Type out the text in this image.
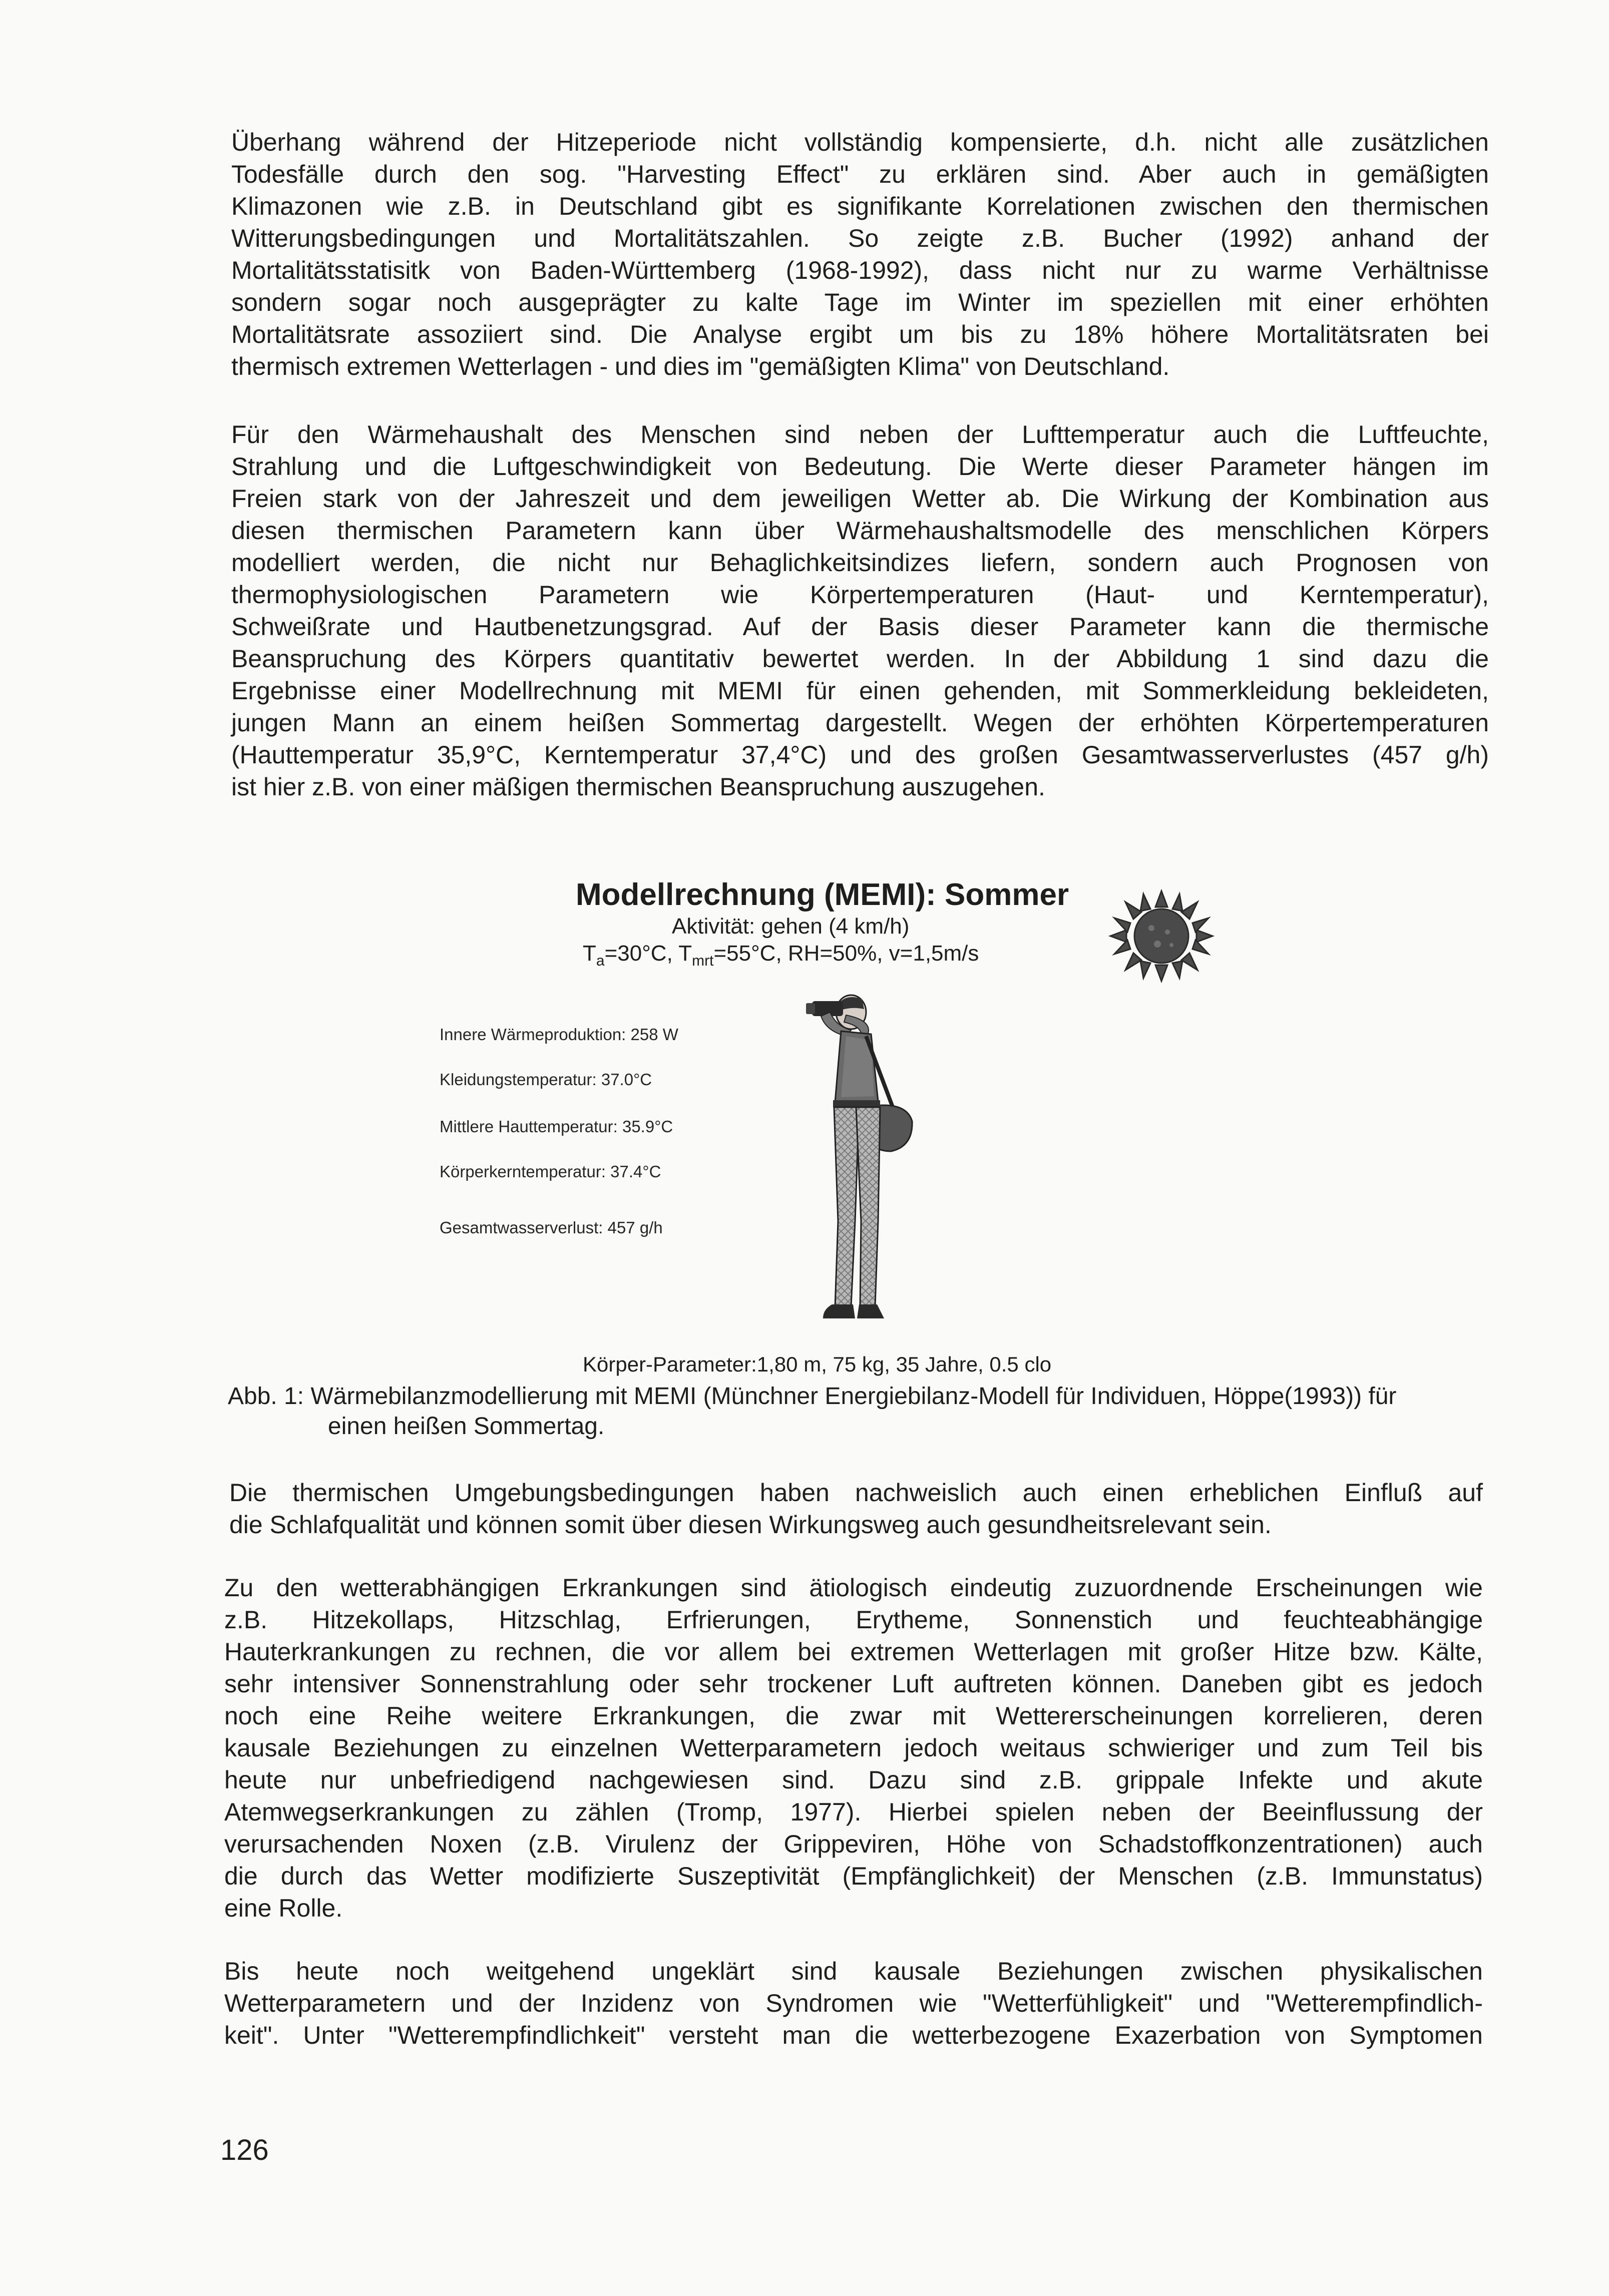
Überhang während der Hitzeperiode nicht vollständig kompensierte, d.h. nicht alle zusätzlichen
Todesfälle durch den sog. "Harvesting Effect" zu erklären sind. Aber auch in gemäßigten
Klimazonen wie z.B. in Deutschland gibt es signifikante Korrelationen zwischen den thermischen
Witterungsbedingungen und Mortalitätszahlen. So zeigte z.B. Bucher (1992) anhand der
Mortalitätsstatisitk von Baden-Württemberg (1968-1992), dass nicht nur zu warme Verhältnisse
sondern sogar noch ausgeprägter zu kalte Tage im Winter im speziellen mit einer erhöhten
Mortalitätsrate assoziiert sind. Die Analyse ergibt um bis zu 18% höhere Mortalitätsraten bei
thermisch extremen Wetterlagen - und dies im "gemäßigten Klima" von Deutschland.

Für den Wärmehaushalt des Menschen sind neben der Lufttemperatur auch die Luftfeuchte,
Strahlung und die Luftgeschwindigkeit von Bedeutung. Die Werte dieser Parameter hängen im
Freien stark von der Jahreszeit und dem jeweiligen Wetter ab. Die Wirkung der Kombination aus
diesen thermischen Parametern kann über Wärmehaushaltsmodelle des menschlichen Körpers
modelliert werden, die nicht nur Behaglichkeitsindizes liefern, sondern auch Prognosen von
thermophysiologischen Parametern wie Körpertemperaturen (Haut- und Kerntemperatur),
Schweißrate und Hautbenetzungsgrad. Auf der Basis dieser Parameter kann die thermische
Beanspruchung des Körpers quantitativ bewertet werden. In der Abbildung 1 sind dazu die
Ergebnisse einer Modellrechnung mit MEMI für einen gehenden, mit Sommerkleidung bekleideten,
jungen Mann an einem heißen Sommertag dargestellt. Wegen der erhöhten Körpertemperaturen
(Hauttemperatur 35,9°C, Kerntemperatur 37,4°C) und des großen Gesamtwasserverlustes (457 g/h)
ist hier z.B. von einer mäßigen thermischen Beanspruchung auszugehen.

Modellrechnung (MEMI): Sommer
Aktivität: gehen (4 km/h)
$T_a=30^\circ C$, $T_{mrt}=55^\circ C$, RH=50%, v=1,5m/s
Innere Wärmeproduktion: 258 W
Kleidungstemperatur: 37.0°C
Mittlere Hauttemperatur: 35.9°C
Körperkerntemperatur: 37.4°C
Gesamtwasserverlust: 457 g/h
Körper-Parameter:1,80 m, 75 kg, 35 Jahre, 0.5 clo
Abb. 1: Wärmebilanzmodellierung mit MEMI (Münchner Energiebilanz-Modell für Individuen, Höppe(1993)) für
einen heißen Sommertag.

Die thermischen Umgebungsbedingungen haben nachweislich auch einen erheblichen Einfluß auf
die Schlafqualität und können somit über diesen Wirkungsweg auch gesundheitsrelevant sein.

Zu den wetterabhängigen Erkrankungen sind ätiologisch eindeutig zuzuordnende Erscheinungen wie
z.B. Hitzekollaps, Hitzschlag, Erfrierungen, Erytheme, Sonnenstich und feuchteabhängige
Hauterkrankungen zu rechnen, die vor allem bei extremen Wetterlagen mit großer Hitze bzw. Kälte,
sehr intensiver Sonnenstrahlung oder sehr trockener Luft auftreten können. Daneben gibt es jedoch
noch eine Reihe weitere Erkrankungen, die zwar mit Wettererscheinungen korrelieren, deren
kausale Beziehungen zu einzelnen Wetterparametern jedoch weitaus schwieriger und zum Teil bis
heute nur unbefriedigend nachgewiesen sind. Dazu sind z.B. grippale Infekte und akute
Atemwegserkrankungen zu zählen (Tromp, 1977). Hierbei spielen neben der Beeinflussung der
verursachenden Noxen (z.B. Virulenz der Grippeviren, Höhe von Schadstoffkonzentrationen) auch
die durch das Wetter modifizierte Suszeptivität (Empfänglichkeit) der Menschen (z.B. Immunstatus)
eine Rolle.

Bis heute noch weitgehend ungeklärt sind kausale Beziehungen zwischen physikalischen
Wetterparametern und der Inzidenz von Syndromen wie "Wetterfühligkeit" und "Wetterempfindlich-
keit". Unter "Wetterempfindlichkeit" versteht man die wetterbezogene Exazerbation von Symptomen

126
